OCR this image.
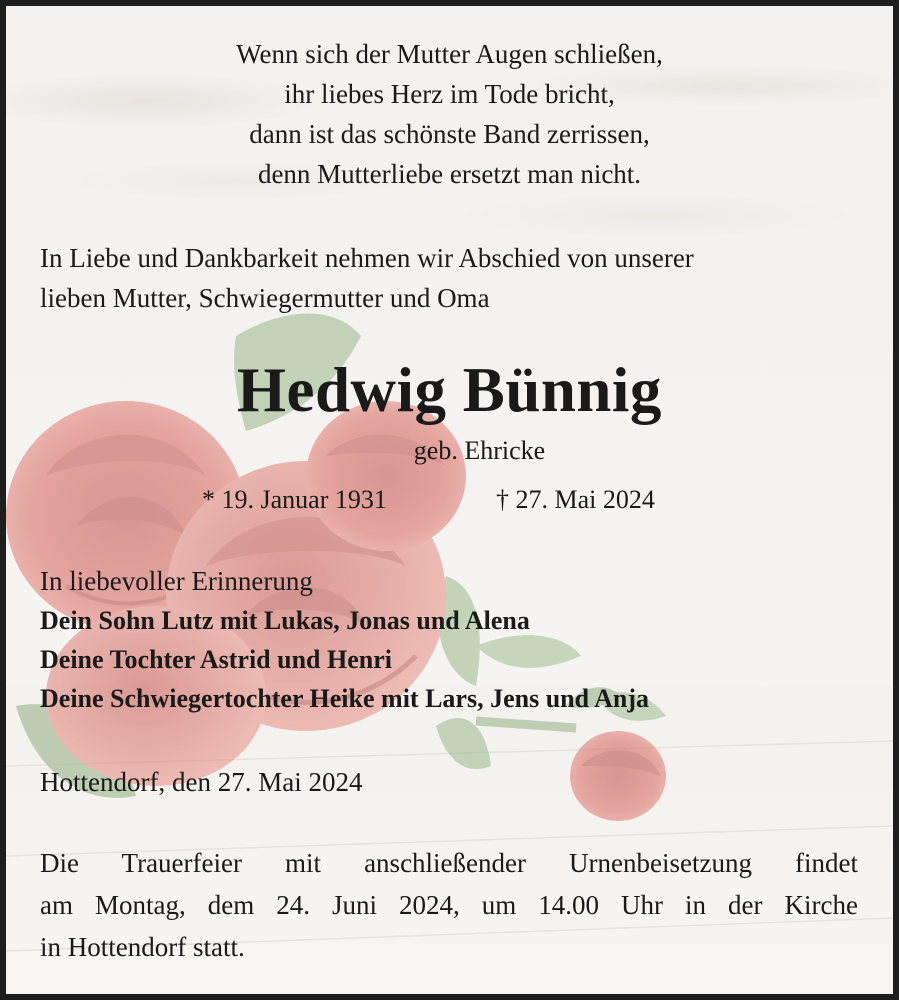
Wenn sich der Mutter Augen schließen,
ihr liebes Herz im Tode bricht,
dann ist das schönste Band zerrissen,
denn Mutterliebe ersetzt man nicht.
In Liebe und Dankbarkeit nehmen wir Abschied von unserer
lieben Mutter, Schwiegermutter und Oma
Hedwig Bünnig
geb. Ehricke
* 19. Januar 1931	† 27. Mai 2024
In liebevoller Erinnerung
Dein Sohn Lutz mit Lukas, Jonas und Alena
Deine Tochter Astrid und Henri
Deine Schwiegertochter Heike mit Lars, Jens und Anja
Hottendorf, den 27. Mai 2024
Die Trauerfeier mit anschließender Urnenbeisetzung findet
am Montag, dem 24. Juni 2024, um 14.00 Uhr in der Kirche
in Hottendorf statt.
